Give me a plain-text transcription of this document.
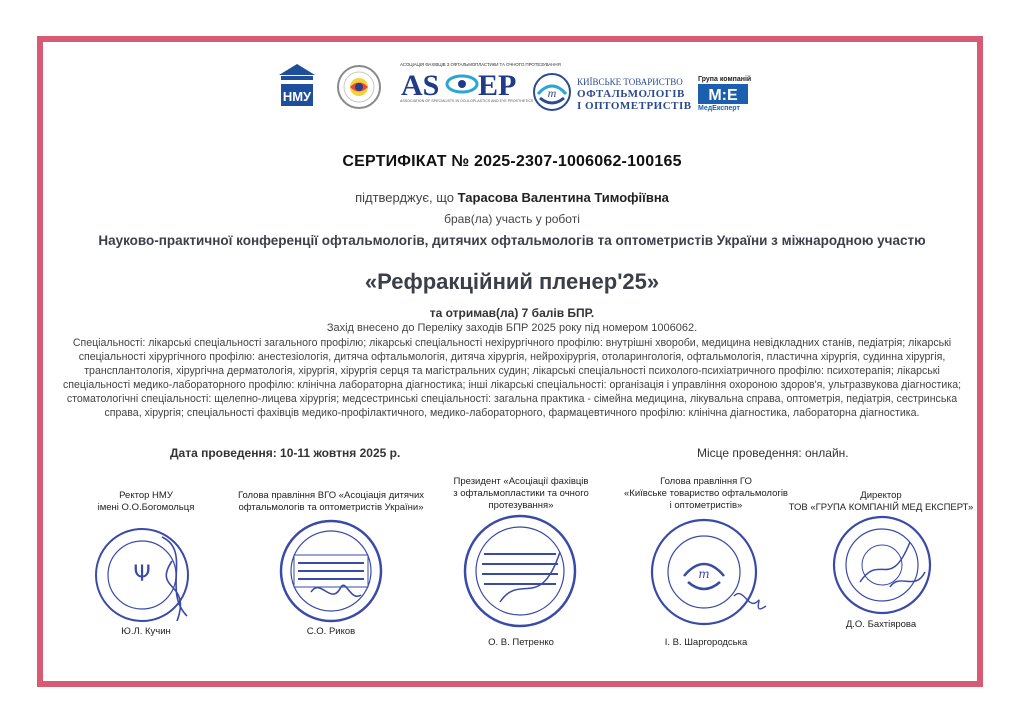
НМУ
АСОЦІАЦІЯ ФАХІВЦІВ З ОФТАЛЬМОПЛАСТИКИ ТА ОЧНОГО ПРОТЕЗУВАННЯ
AS EP
ASSOCIATION OF SPECIALISTS IN OCULOPLASTICS AND EYE PROSTHETICS
m
КИЇВСЬКЕ ТОВАРИСТВО
ОФТАЛЬМОЛОГІВ
І ОПТОМЕТРИСТІВ
Група компаній
M:E
МедЕксперт
СЕРТИФІКАТ № 2025-2307-1006062-100165
підтверджує, що Тарасова Валентина Тимофіївна
брав(ла) участь у роботі
Науково-практичної конференції офтальмологів, дитячих офтальмологів та оптометристів України з міжнародною участю
«Рефракційний пленер'25»
та отримав(ла) 7 балів БПР.
Захід внесено до Переліку заходів БПР 2025 року під номером 1006062.
Спеціальності: лікарські спеціальності загального профілю; лікарські спеціальності нехірургічного профілю: внутрішні хвороби, медицина невідкладних станів, педіатрія; лікарські спеціальності хірургічного профілю: анестезіологія, дитяча офтальмологія, дитяча хірургія, нейрохірургія, отоларингологія, офтальмологія, пластична хірургія, судинна хірургія, трансплантологія, хірургічна дерматологія, хірургія, хірургія серця та магістральних судин; лікарські спеціальності психолого-психіатричного профілю: психотерапія; лікарські спеціальності медико-лабораторного профілю: клінічна лабораторна діагностика; інші лікарські спеціальності: організація і управління охороною здоров'я, ультразвукова діагностика; стоматологічні спеціальності: щелепно-лицева хірургія; медсестринські спеціальності: загальна практика - сімейна медицина, лікувальна справа, оптометрія, педіатрія, сестринська справа, хірургія; спеціальності фахівців медико-профілактичного, медико-лабораторного, фармацевтичного профілю: клінічна діагностика, лабораторна діагностика.
Дата проведення: 10-11 жовтня 2025 р.	Місце проведення: онлайн.
Ректор НМУ
імені О.О.Богомольця
Ψ
Ю.Л. Кучин
Голова правління ВГО «Асоціація дитячих
офтальмологів та оптометристів України»
С.О. Риков
Президент «Асоціації фахівців
з офтальмопластики та очного
протезування»
О. В. Петренко
Голова правління ГО
«Київське товариство офтальмологів
і оптометристів»
m
І. В. Шаргородська
Директор
ТОВ «ГРУПА КОМПАНІЙ МЕД ЕКСПЕРТ»
Д.О. Бахтіярова
